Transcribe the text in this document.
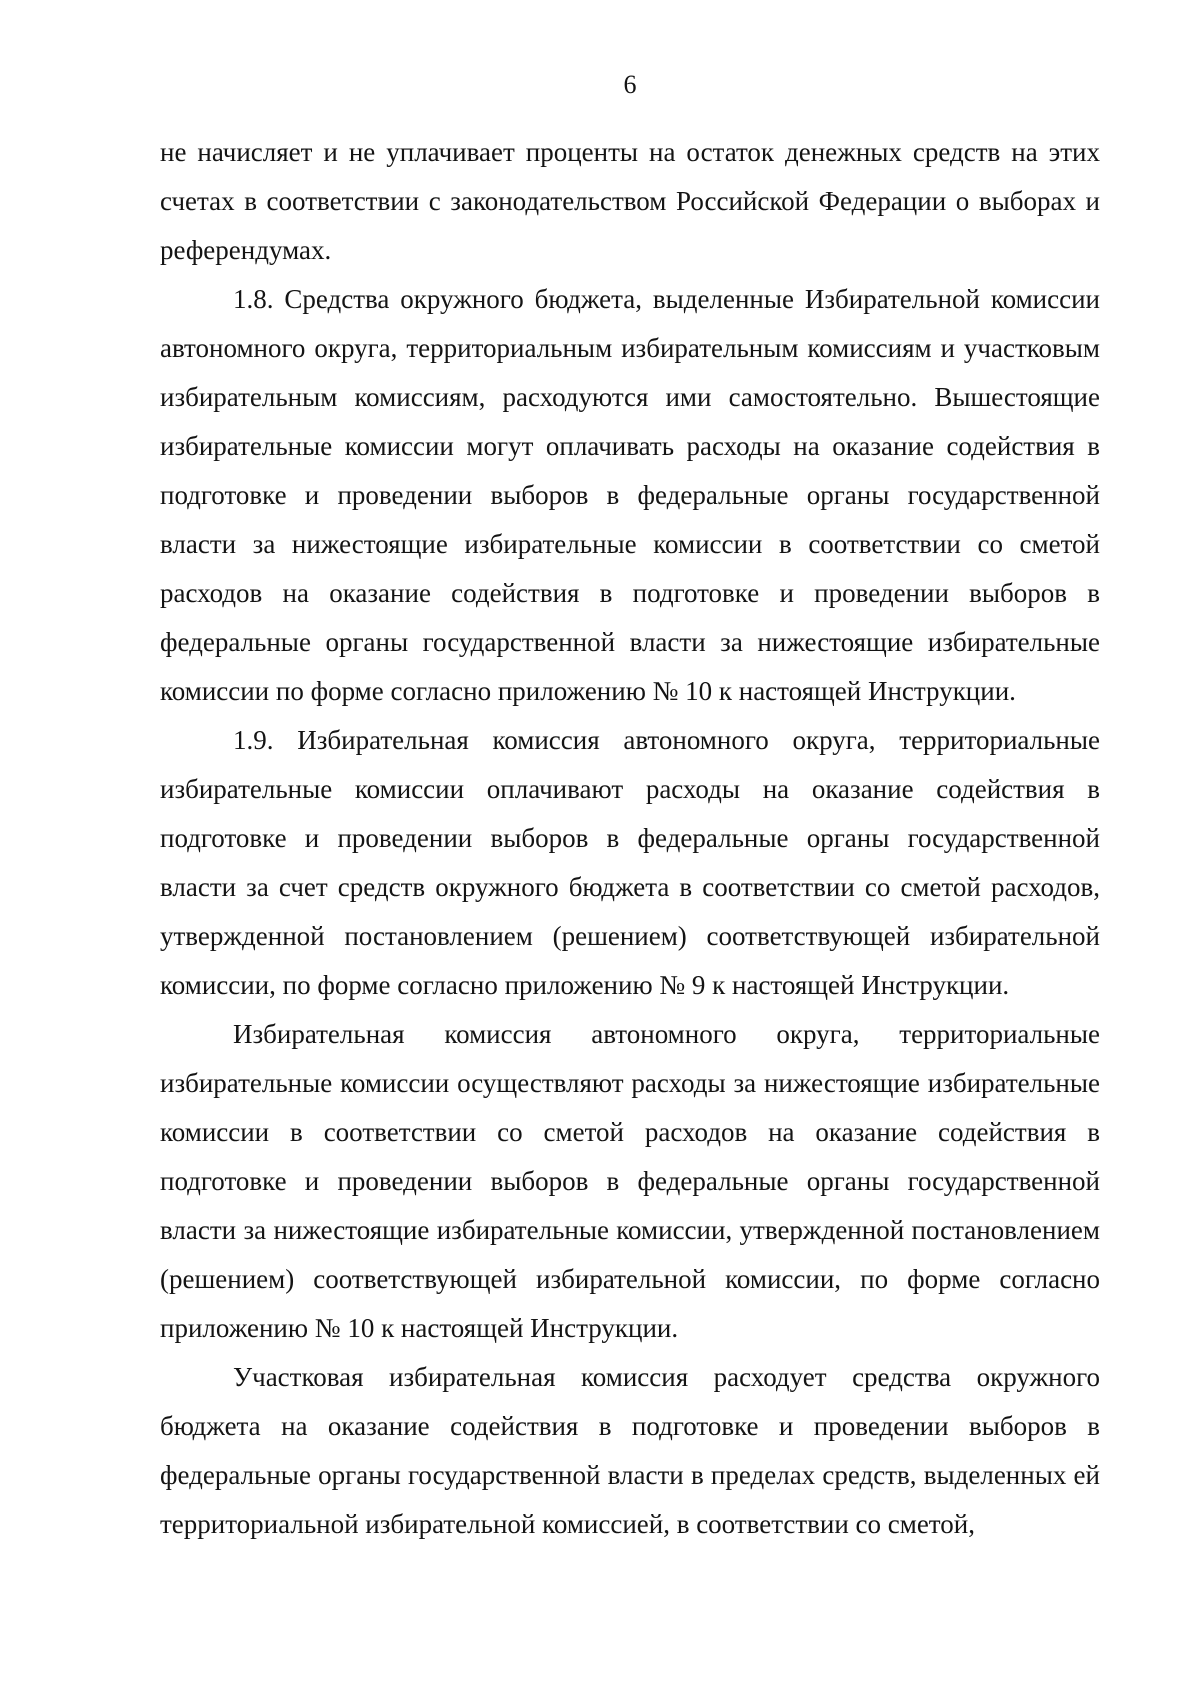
6

не начисляет и не уплачивает проценты на остаток денежных средств на этих счетах в соответствии с законодательством Российской Федерации о выборах и референдумах.

1.8. Средства окружного бюджета, выделенные Избирательной комиссии автономного округа, территориальным избирательным комиссиям и участковым избирательным комиссиям, расходуются ими самостоятельно. Вышестоящие избирательные комиссии могут оплачивать расходы на оказание содействия в подготовке и проведении выборов в федеральные органы государственной власти за нижестоящие избирательные комиссии в соответствии со сметой расходов на оказание содействия в подготовке и проведении выборов в федеральные органы государственной власти за нижестоящие избирательные комиссии по форме согласно приложению № 10 к настоящей Инструкции.

1.9. Избирательная комиссия автономного округа, территориальные избирательные комиссии оплачивают расходы на оказание содействия в подготовке и проведении выборов в федеральные органы государственной власти за счет средств окружного бюджета в соответствии со сметой расходов, утвержденной постановлением (решением) соответствующей избирательной комиссии, по форме согласно приложению № 9 к настоящей Инструкции.

Избирательная комиссия автономного округа, территориальные избирательные комиссии осуществляют расходы за нижестоящие избирательные комиссии в соответствии со сметой расходов на оказание содействия в подготовке и проведении выборов в федеральные органы государственной власти за нижестоящие избирательные комиссии, утвержденной постановлением (решением) соответствующей избирательной комиссии, по форме согласно приложению № 10 к настоящей Инструкции.

Участковая избирательная комиссия расходует средства окружного бюджета на оказание содействия в подготовке и проведении выборов в федеральные органы государственной власти в пределах средств, выделенных ей территориальной избирательной комиссией, в соответствии со сметой,
